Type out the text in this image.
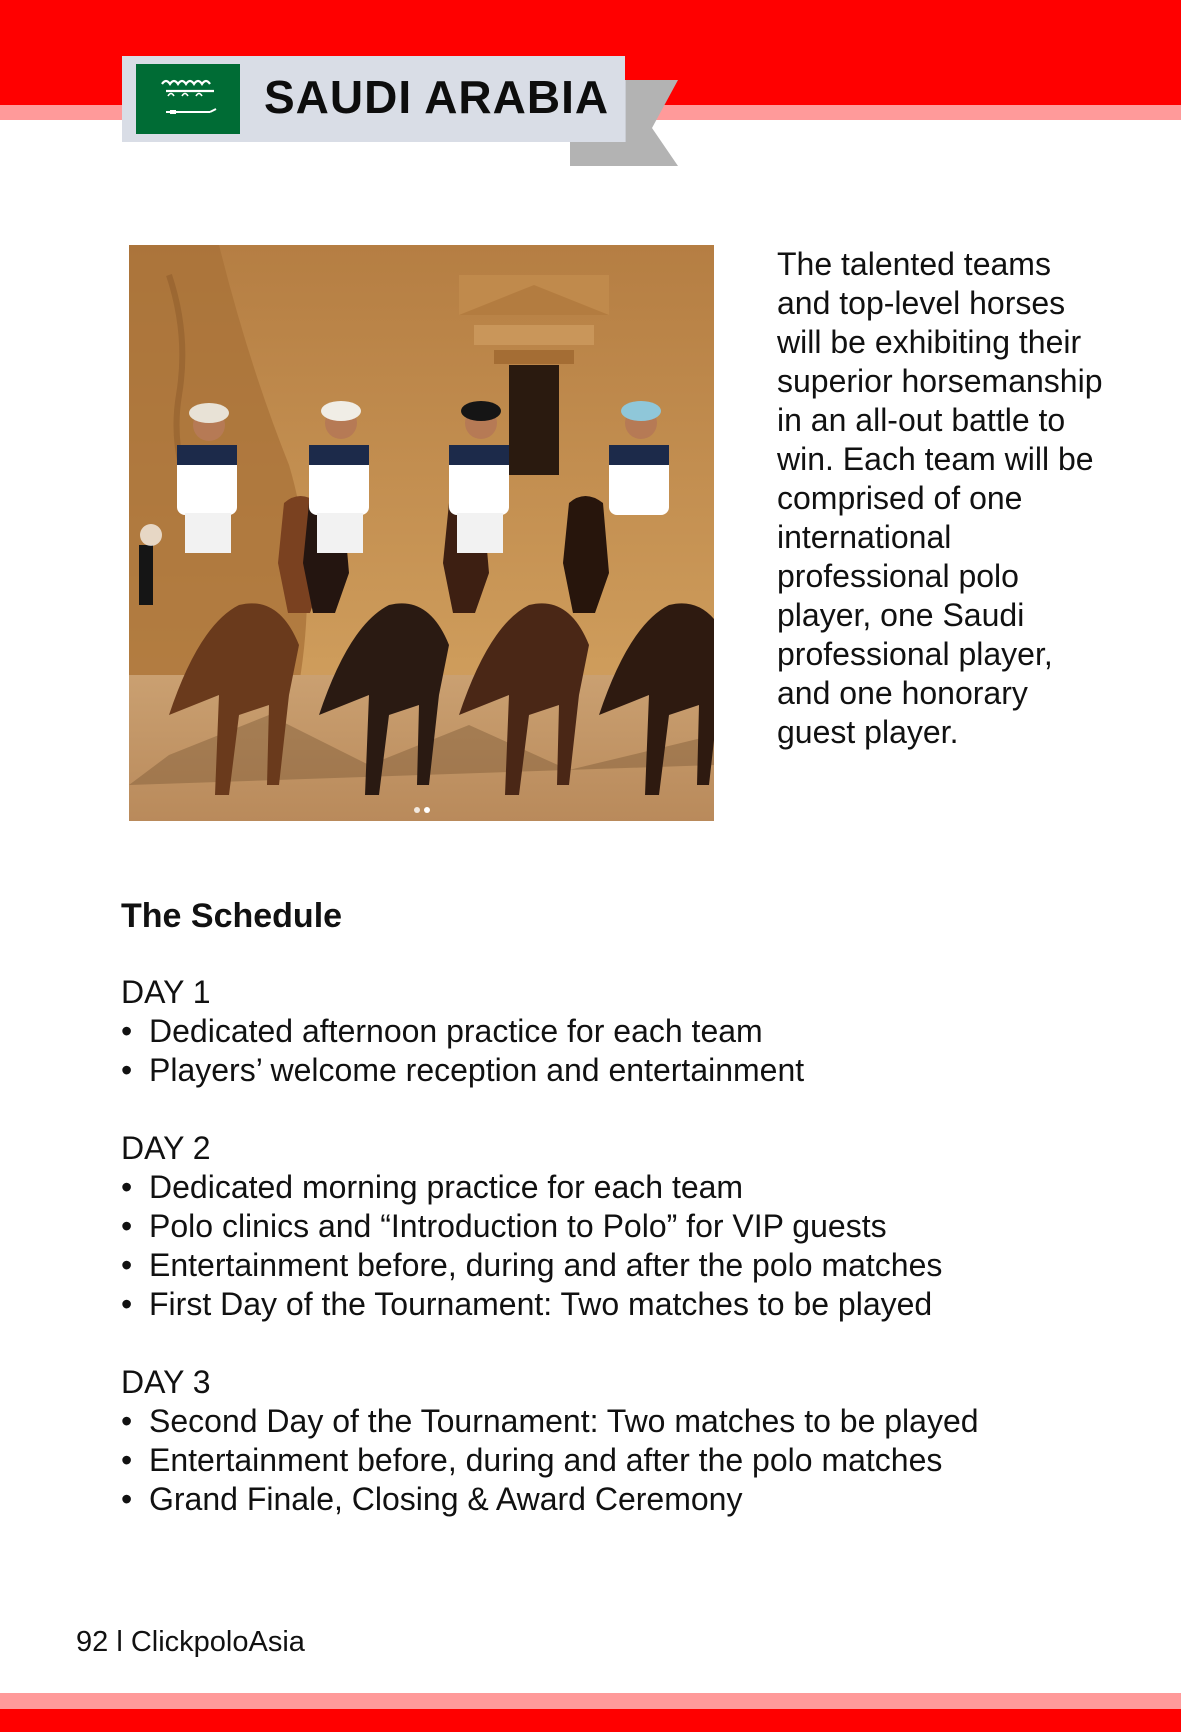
SAUDI ARABIA

The talented teams and top-level horses will be exhibiting their superior horsemanship in an all-out battle to win. Each team will be comprised of one international professional polo player, one Saudi professional player, and one honorary guest player.

The Schedule
DAY 1
• Dedicated afternoon practice for each team
• Players’ welcome reception and entertainment
DAY 2
• Dedicated morning practice for each team
• Polo clinics and “Introduction to Polo” for VIP guests
• Entertainment before, during and after the polo matches
• First Day of the Tournament: Two matches to be played
DAY 3
• Second Day of the Tournament: Two matches to be played
• Entertainment before, during and after the polo matches
• Grand Finale, Closing & Award Ceremony
92 l ClickpoloAsia
